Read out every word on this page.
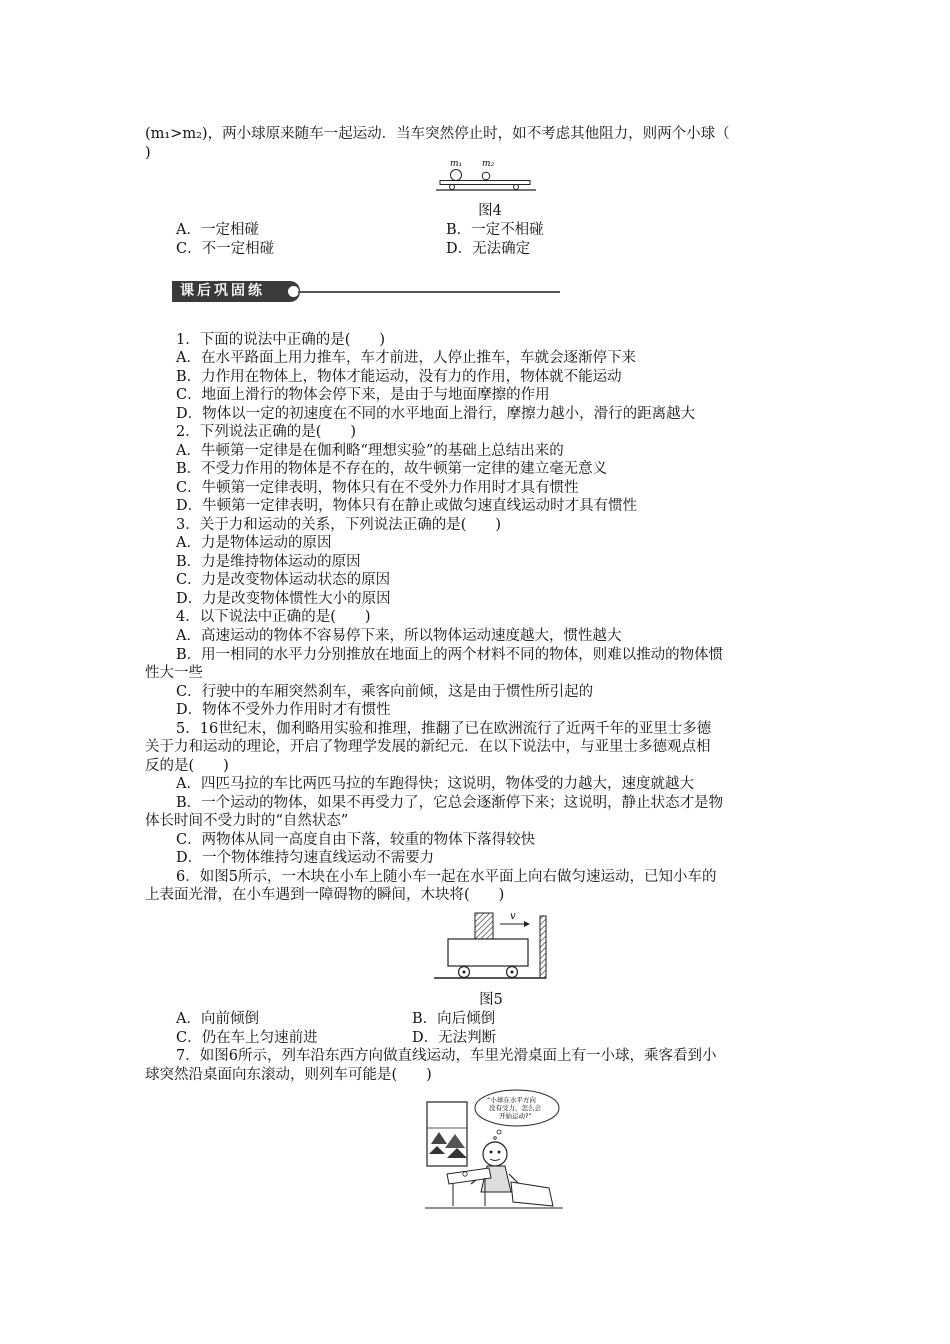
(m₁>m₂)，两小球原来随车一起运动．当车突然停止时，如不考虑其他阻力，则两个小球（
)
m₁ m₂
图4
A．一定相碰	B．一定不相碰
C．不一定相碰	D．无法确定
课后巩固练
1．下面的说法中正确的是(　　)
A．在水平路面上用力推车，车才前进，人停止推车，车就会逐渐停下来
B．力作用在物体上，物体才能运动，没有力的作用，物体就不能运动
C．地面上滑行的物体会停下来，是由于与地面摩擦的作用
D．物体以一定的初速度在不同的水平地面上滑行，摩擦力越小，滑行的距离越大
2．下列说法正确的是(　　)
A．牛顿第一定律是在伽利略“理想实验”的基础上总结出来的
B．不受力作用的物体是不存在的，故牛顿第一定律的建立毫无意义
C．牛顿第一定律表明，物体只有在不受外力作用时才具有惯性
D．牛顿第一定律表明，物体只有在静止或做匀速直线运动时才具有惯性
3．关于力和运动的关系，下列说法正确的是(　　)
A．力是物体运动的原因
B．力是维持物体运动的原因
C．力是改变物体运动状态的原因
D．力是改变物体惯性大小的原因
4．以下说法中正确的是(　　)
A．高速运动的物体不容易停下来，所以物体运动速度越大，惯性越大
B．用一相同的水平力分别推放在地面上的两个材料不同的物体，则难以推动的物体惯
性大一些
C．行驶中的车厢突然刹车，乘客向前倾，这是由于惯性所引起的
D．物体不受外力作用时才有惯性
5．16世纪末，伽利略用实验和推理，推翻了已在欧洲流行了近两千年的亚里士多德
关于力和运动的理论，开启了物理学发展的新纪元．在以下说法中，与亚里士多德观点相
反的是(　　)
A．四匹马拉的车比两匹马拉的车跑得快；这说明，物体受的力越大，速度就越大
B．一个运动的物体，如果不再受力了，它总会逐渐停下来；这说明，静止状态才是物
体长时间不受力时的“自然状态”
C．两物体从同一高度自由下落，较重的物体下落得较快
D．一个物体维持匀速直线运动不需要力
6．如图5所示，一木块在小车上随小车一起在水平面上向右做匀速运动，已知小车的
上表面光滑，在小车遇到一障碍物的瞬间，木块将(　　)
v
图5
A．向前倾倒	B．向后倾倒
C．仍在车上匀速前进	D．无法判断
7．如图6所示，列车沿东西方向做直线运动，车里光滑桌面上有一小球，乘客看到小
球突然沿桌面向东滚动，则列车可能是(　　)
“小球在水平方向
没有受力，怎么会
开始运动?”
